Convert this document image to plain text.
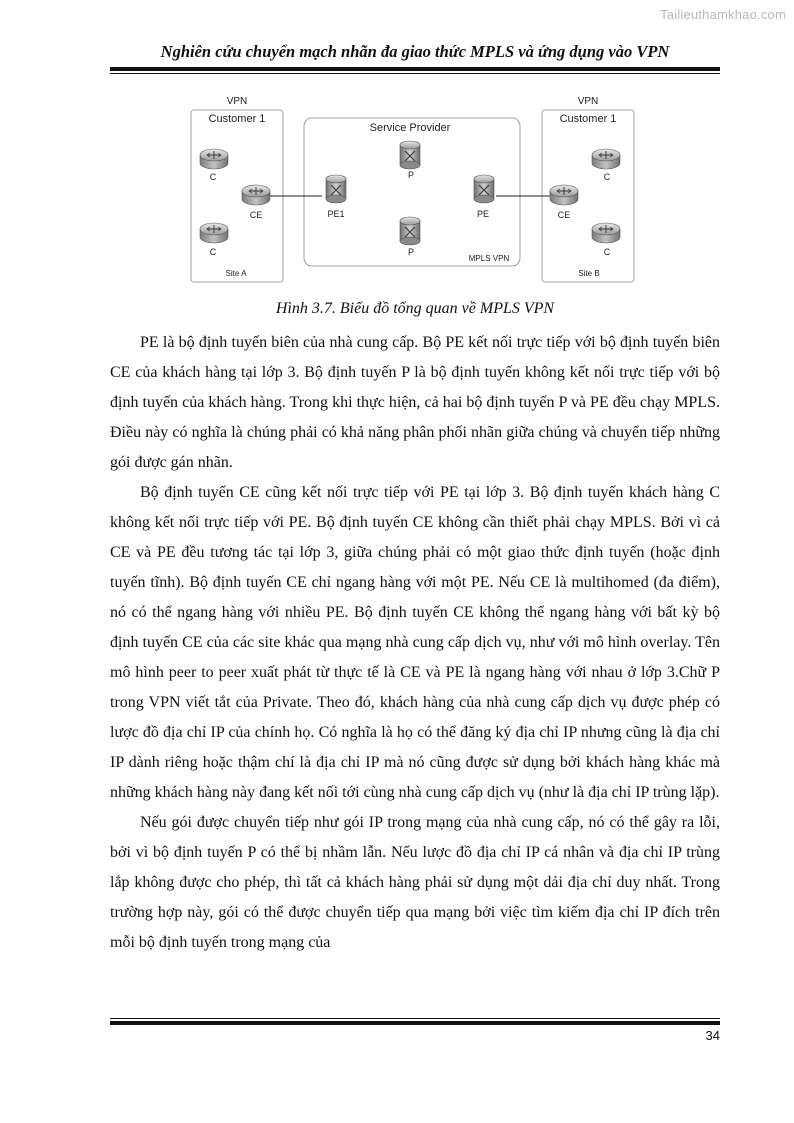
Tailieuthamkhao.com
Nghiên cứu chuyển mạch nhãn đa giao thức MPLS và ứng dụng vào VPN
VPN
Customer 1
C
CE
C
Site A
Service Provider
P
PE1	PE
P
MPLS VPN
VPN
Customer 1
C
CE
C
Site B
Hình 3.7. Biểu đồ tổng quan về MPLS VPN

PE là bộ định tuyến biên của nhà cung cấp. Bộ PE kết nối trực tiếp với bộ định tuyến biên CE của khách hàng tại lớp 3. Bộ định tuyến P là bộ định tuyến không kết nối trực tiếp với bộ định tuyến của khách hàng. Trong khi thực hiện, cả hai bộ định tuyến P và PE đều chạy MPLS. Điều này có nghĩa là chúng phải có khả năng phân phối nhãn giữa chúng và chuyển tiếp những gói được gán nhãn.

Bộ định tuyến CE cũng kết nối trực tiếp với PE tại lớp 3. Bộ định tuyến khách hàng C không kết nối trực tiếp với PE. Bộ định tuyến CE không cần thiết phải chạy MPLS. Bởi vì cả CE và PE đều tương tác tại lớp 3, giữa chúng phải có một giao thức định tuyến (hoặc định tuyến tĩnh). Bộ định tuyến CE chỉ ngang hàng với một PE. Nếu CE là multihomed (đa điểm), nó có thể ngang hàng với nhiều PE. Bộ định tuyến CE không thể ngang hàng với bất kỳ bộ định tuyến CE của các site khác qua mạng nhà cung cấp dịch vụ, như với mô hình overlay. Tên mô hình peer to peer xuất phát từ thực tế là CE và PE là ngang hàng với nhau ở lớp 3.Chữ P trong VPN viết tắt của Private. Theo đó, khách hàng của nhà cung cấp dịch vụ được phép có lược đồ địa chỉ IP của chính họ. Có nghĩa là họ có thể đăng ký địa chỉ IP nhưng cũng là địa chỉ IP dành riêng hoặc thậm chí là địa chỉ IP mà nó cũng được sử dụng bởi khách hàng khác mà những khách hàng này đang kết nối tới cùng nhà cung cấp dịch vụ (như là địa chỉ IP trùng lặp).

Nếu gói được chuyển tiếp như gói IP trong mạng của nhà cung cấp, nó có thể gây ra lỗi, bởi vì bộ định tuyến P có thể bị nhầm lẫn. Nếu lược đồ địa chỉ IP cá nhân và địa chỉ IP trùng lắp không được cho phép, thì tất cả khách hàng phải sử dụng một dải địa chỉ duy nhất. Trong trường hợp này, gói có thể được chuyển tiếp qua mạng bởi việc tìm kiếm địa chỉ IP đích trên mỗi bộ định tuyến trong mạng của

34
